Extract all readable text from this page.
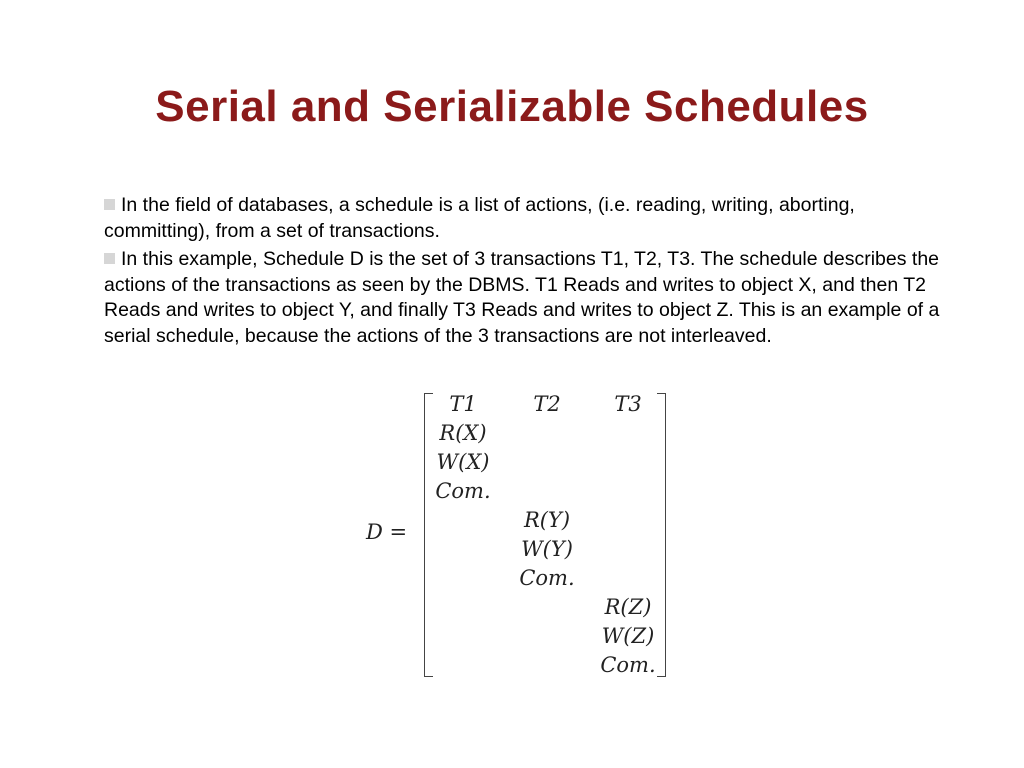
Serial and Serializable Schedules

In the field of databases, a schedule is a list of actions, (i.e. reading, writing, aborting, committing), from a set of transactions.

In this example, Schedule D is the set of 3 transactions T1, T2, T3. The schedule describes the actions of the transactions as seen by the DBMS. T1 Reads and writes to object X, and then T2 Reads and writes to object Y, and finally T3 Reads and writes to object Z. This is an example of a serial schedule, because the actions of the 3 transactions are not interleaved.

D =
T1	T2	T3
R(X)
W(X)
Com.
R(Y)
W(Y)
Com.
R(Z)
W(Z)
Com.
